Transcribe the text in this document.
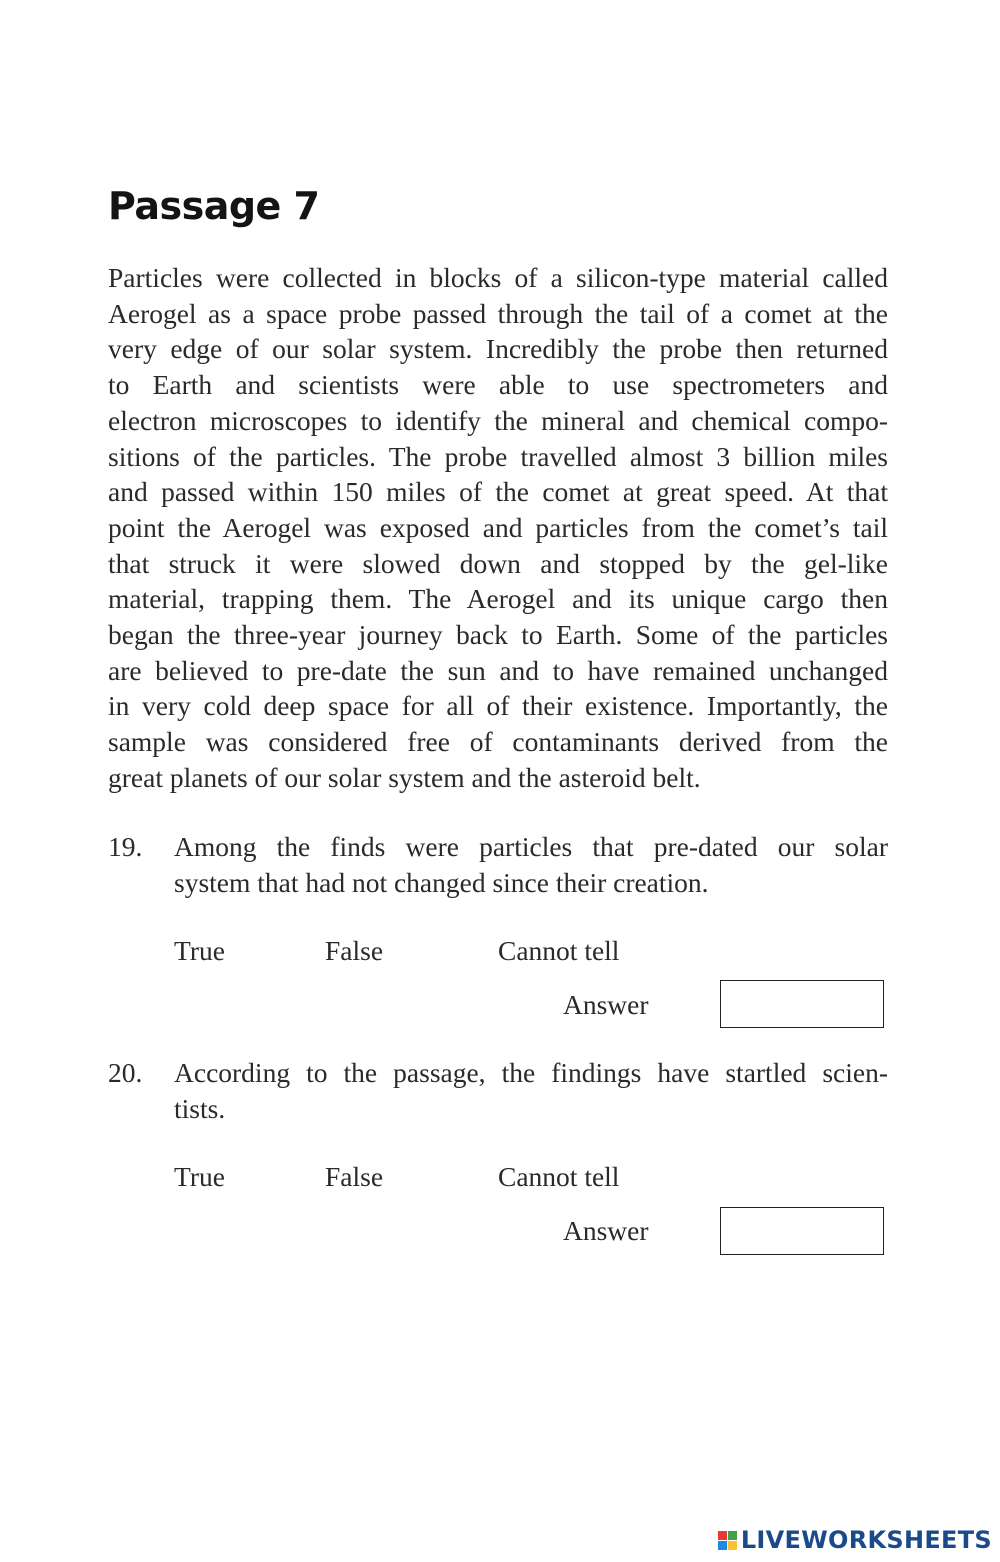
Passage 7
Particles were collected in blocks of a silicon-type material called
Aerogel as a space probe passed through the tail of a comet at the
very edge of our solar system. Incredibly the probe then returned
to Earth and scientists were able to use spectrometers and
electron microscopes to identify the mineral and chemical compo-
sitions of the particles. The probe travelled almost 3 billion miles
and passed within 150 miles of the comet at great speed. At that
point the Aerogel was exposed and particles from the comet’s tail
that struck it were slowed down and stopped by the gel-like
material, trapping them. The Aerogel and its unique cargo then
began the three-year journey back to Earth. Some of the particles
are believed to pre-date the sun and to have remained unchanged
in very cold deep space for all of their existence. Importantly, the
sample was considered free of contaminants derived from the
great planets of our solar system and the asteroid belt.
19. Among the finds were particles that pre-dated our solar
system that had not changed since their creation.
True	False	Cannot tell
Answer
20. According to the passage, the findings have startled scien-
tists.
True	False	Cannot tell
Answer
LIVEWORKSHEETS
